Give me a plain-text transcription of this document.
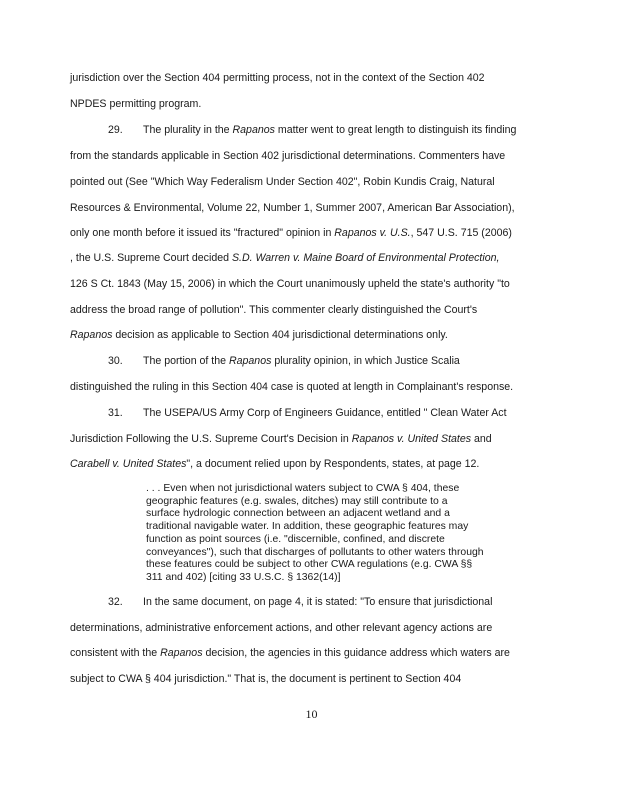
jurisdiction over the Section 404 permitting process, not in the context of the Section 402
NPDES permitting program.
29. The plurality in the Rapanos matter went to great length to distinguish its finding
from the standards applicable in Section 402 jurisdictional determinations. Commenters have
pointed out (See "Which Way Federalism Under Section 402", Robin Kundis Craig, Natural
Resources & Environmental, Volume 22, Number 1, Summer 2007, American Bar Association),
only one month before it issued its "fractured" opinion in Rapanos v. U.S., 547 U.S. 715 (2006)
, the U.S. Supreme Court decided S.D. Warren v. Maine Board of Environmental Protection,
126 S Ct. 1843 (May 15, 2006) in which the Court unanimously upheld the state's authority "to
address the broad range of pollution". This commenter clearly distinguished the Court's
Rapanos decision as applicable to Section 404 jurisdictional determinations only.
30. The portion of the Rapanos plurality opinion, in which Justice Scalia
distinguished the ruling in this Section 404 case is quoted at length in Complainant's response.
31. The USEPA/US Army Corp of Engineers Guidance, entitled " Clean Water Act
Jurisdiction Following the U.S. Supreme Court's Decision in Rapanos v. United States and
Carabell v. United States", a document relied upon by Respondents, states, at page 12.
. . . Even when not jurisdictional waters subject to CWA § 404, these
geographic features (e.g. swales, ditches) may still contribute to a
surface hydrologic connection between an adjacent wetland and a
traditional navigable water. In addition, these geographic features may
function as point sources (i.e. "discernible, confined, and discrete
conveyances"), such that discharges of pollutants to other waters through
these features could be subject to other CWA regulations (e.g. CWA §§
311 and 402) [citing 33 U.S.C. § 1362(14)]
32. In the same document, on page 4, it is stated: "To ensure that jurisdictional
determinations, administrative enforcement actions, and other relevant agency actions are
consistent with the Rapanos decision, the agencies in this guidance address which waters are
subject to CWA § 404 jurisdiction." That is, the document is pertinent to Section 404
10
